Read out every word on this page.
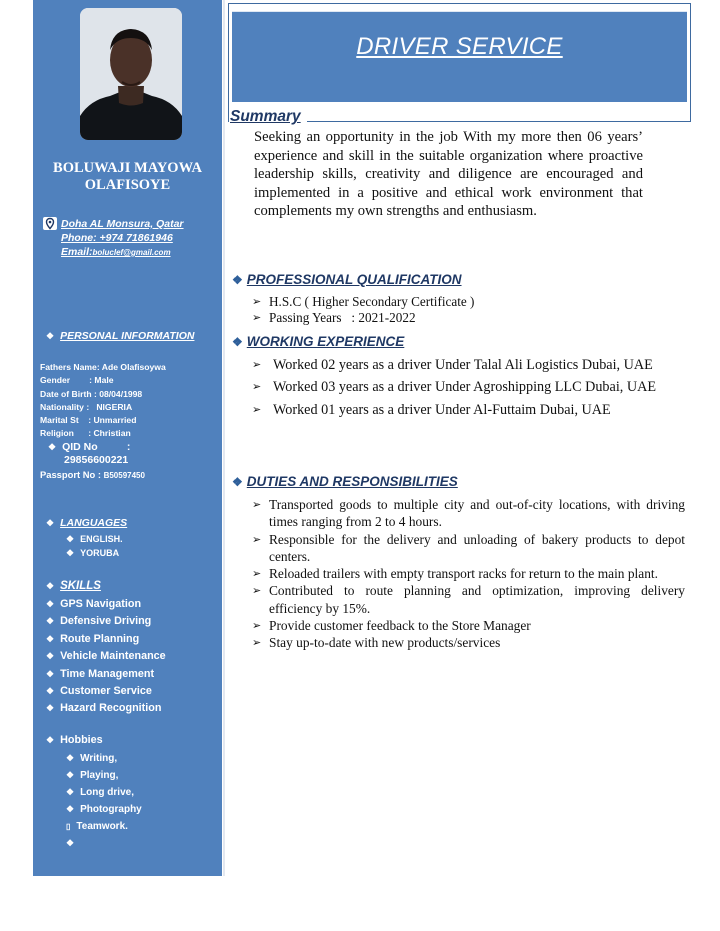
BOLUWAJI MAYOWA OLAFISOYE
Doha AL Monsura, Qatar
Phone: +974 71861946
Email:boluclef@gmail.com
❖ PERSONAL INFORMATION
Fathers Name: Ade Olafisoywa
Gender        : Male
Date of Birth : 08/04/1998
Nationality :   NIGERIA
Marital St    : Unmarried
Religion      : Christian
❖ QID No          :
29856600221
Passport No : B50597450
❖ LANGUAGES
❖ ENGLISH.
❖ YORUBA
❖ SKILLS
❖ GPS Navigation
❖ Defensive Driving
❖ Route Planning
❖ Vehicle Maintenance
❖ Time Management
❖ Customer Service
❖ Hazard Recognition
❖ Hobbies
❖ Writing,
❖ Playing,
❖ Long drive,
❖ Photography
▯ Teamwork.
❖
DRIVER SERVICE
Summary
Seeking an opportunity in the job With my more then 06 years’ experience and skill in the suitable organization where proactive leadership skills, creativity and diligence are encouraged and implemented in a positive and ethical work environment that complements my own strengths and enthusiasm.
❖ PROFESSIONAL QUALIFICATION
➢ H.S.C ( Higher Secondary Certificate )
➢ Passing Years   : 2021-2022
❖ WORKING EXPERIENCE
➢ Worked 02 years as a driver Under Talal Ali Logistics Dubai, UAE
➢ Worked 03 years as a driver Under Agroshipping LLC Dubai, UAE
➢ Worked 01 years as a driver Under Al-Futtaim Dubai, UAE
❖ DUTIES AND RESPONSIBILITIES
➢ Transported goods to multiple city and out-of-city locations, with driving times ranging from 2 to 4 hours.
➢ Responsible for the delivery and unloading of bakery products to depot centers.
➢ Reloaded trailers with empty transport racks for return to the main plant.
➢ Contributed to route planning and optimization, improving delivery efficiency by 15%.
➢ Provide customer feedback to the Store Manager
➢ Stay up-to-date with new products/services
